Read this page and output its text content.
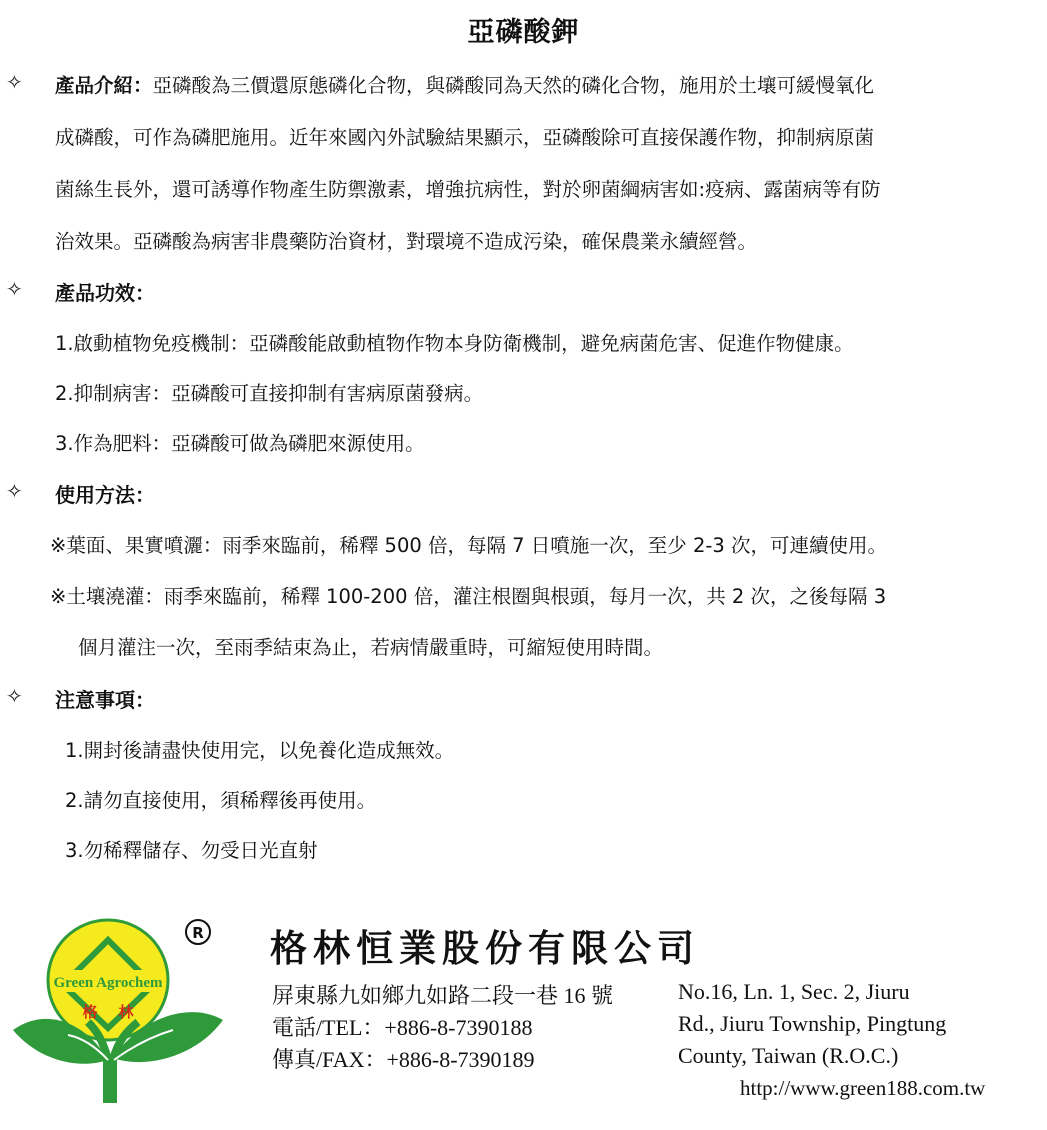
亞磷酸鉀
✧ 產品介紹：亞磷酸為三價還原態磷化合物，與磷酸同為天然的磷化合物，施用於土壤可緩慢氧化
成磷酸，可作為磷肥施用。近年來國內外試驗結果顯示，亞磷酸除可直接保護作物，抑制病原菌
菌絲生長外，還可誘導作物產生防禦激素，增強抗病性，對於卵菌綱病害如:疫病、露菌病等有防
治效果。亞磷酸為病害非農藥防治資材，對環境不造成污染，確保農業永續經營。
✧ 產品功效：
1.啟動植物免疫機制：亞磷酸能啟動植物作物本身防衛機制，避免病菌危害、促進作物健康。
2.抑制病害：亞磷酸可直接抑制有害病原菌發病。
3.作為肥料：亞磷酸可做為磷肥來源使用。
✧ 使用方法：
※葉面、果實噴灑：雨季來臨前，稀釋 500 倍，每隔 7 日噴施一次，至少 2-3 次，可連續使用。
※土壤澆灌：雨季來臨前，稀釋 100-200 倍，灌注根圈與根頭，每月一次，共 2 次，之後每隔 3
個月灌注一次，至雨季結束為止，若病情嚴重時，可縮短使用時間。
✧ 注意事項：
1.開封後請盡快使用完，以免養化造成無效。
2.請勿直接使用，須稀釋後再使用。
3.勿稀釋儲存、勿受日光直射
Green Agrochem
格 林
R 格林恒業股份有限公司
屏東縣九如鄉九如路二段一巷 16 號
電話/TEL：+886-8-7390188
傳真/FAX：+886-8-7390189
No.16, Ln. 1, Sec. 2, Jiuru
Rd., Jiuru Township, Pingtung
County, Taiwan (R.O.C.)
http://www.green188.com.tw
